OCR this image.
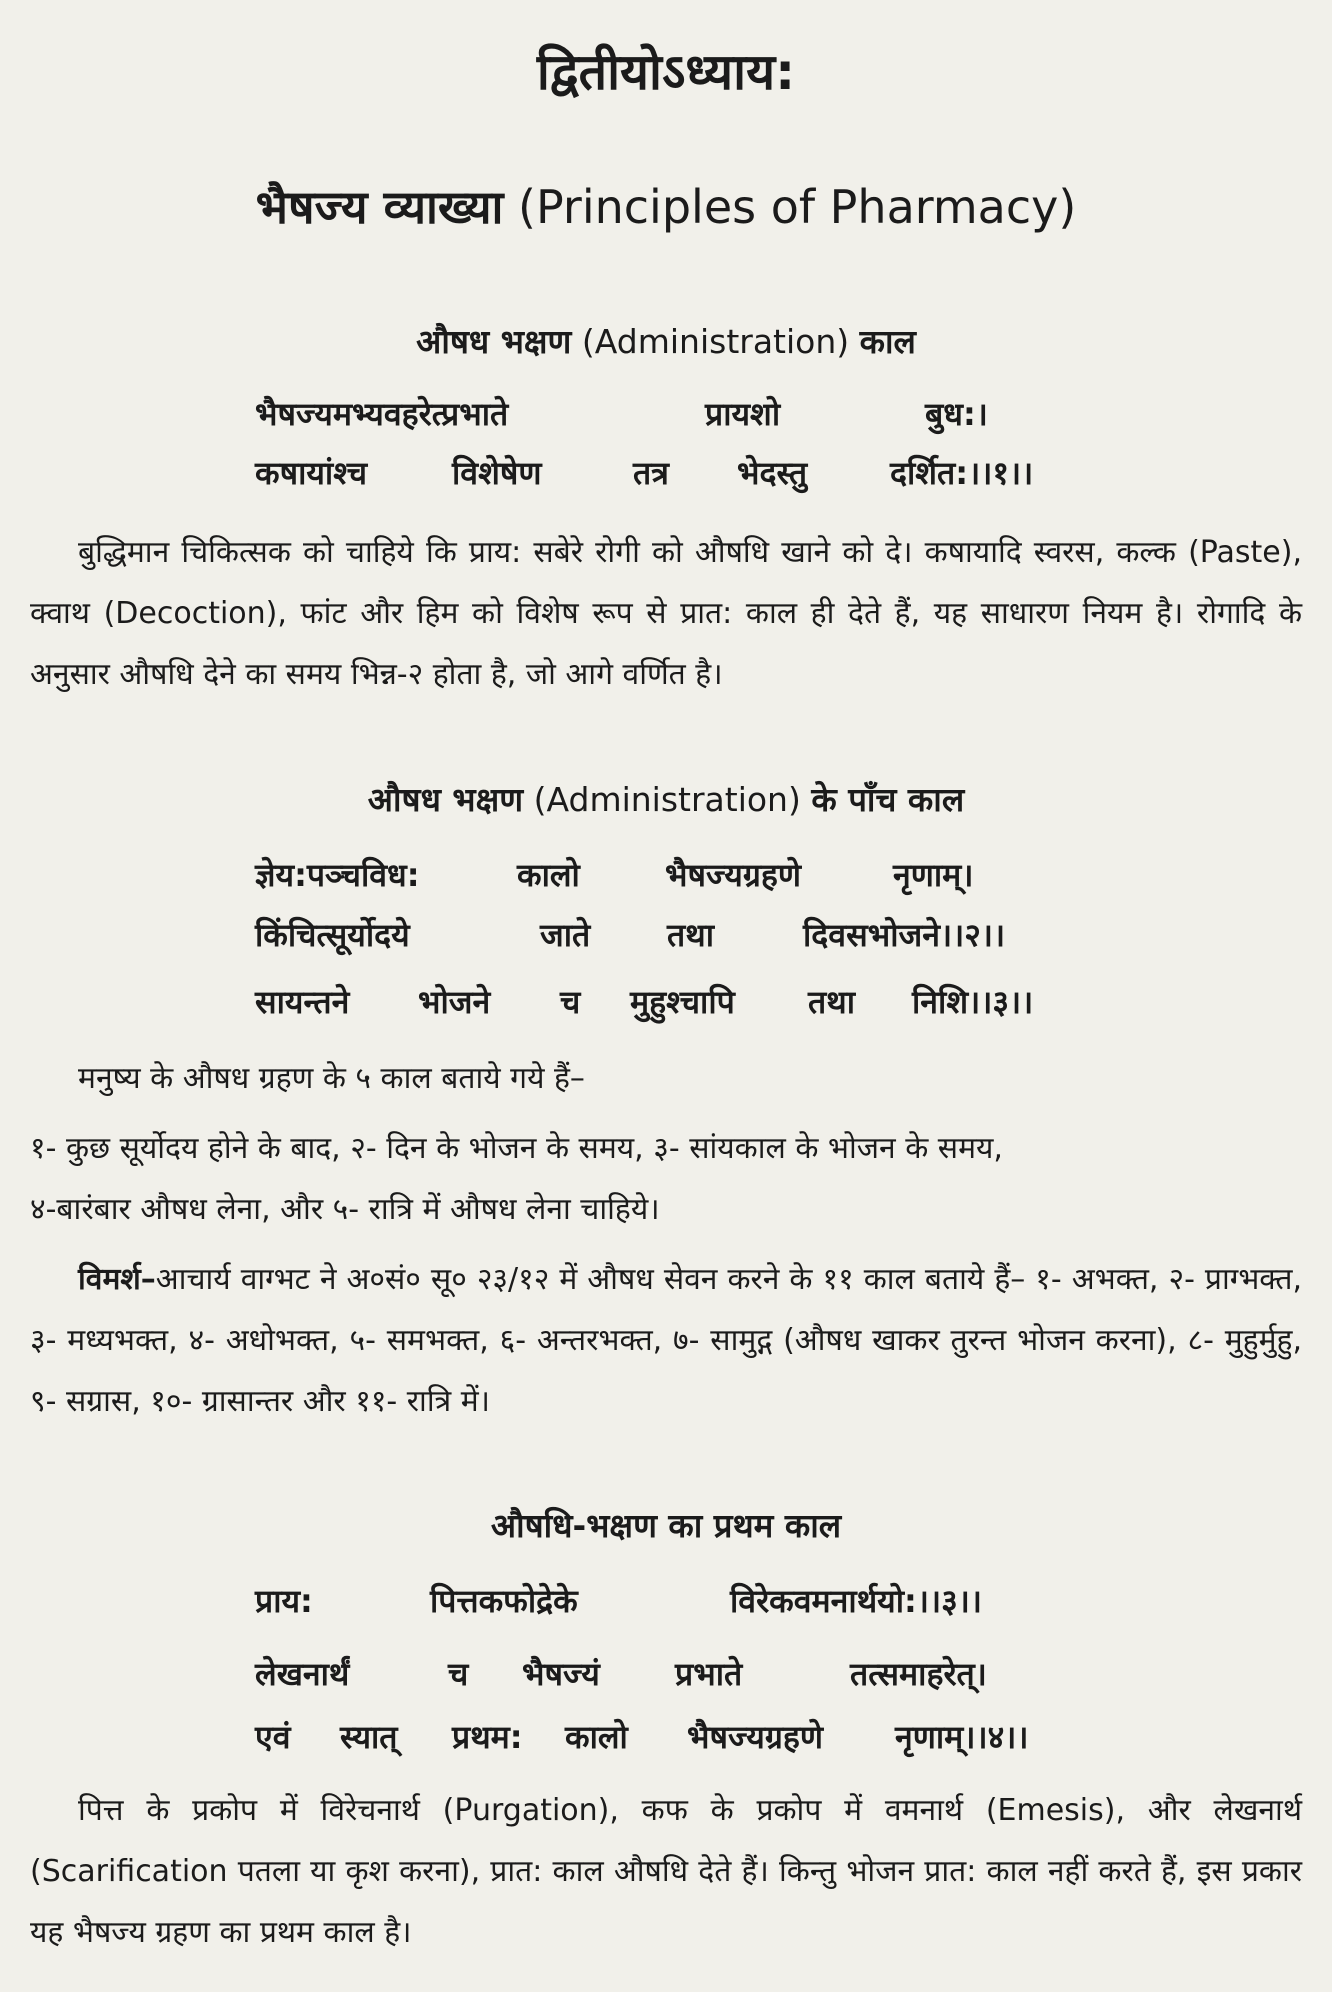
द्वितीयोऽध्याय:
भैषज्य व्याख्या (Principles of Pharmacy)
औषध भक्षण (Administration) काल
भैषज्यमभ्यवहरेत्प्रभाते	प्रायशो	बुध:।
कषायांश्च	विशेषेण	तत्र भेदस्तु	दर्शित:।।१।।
बुद्धिमान चिकित्सक को चाहिये कि प्राय: सबेरे रोगी को औषधि खाने को दे। कषायादि स्वरस, कल्क (Paste), क्वाथ (Decoction), फांट और हिम को विशेष रूप से प्रात: काल ही देते हैं, यह साधारण नियम है। रोगादि के अनुसार औषधि देने का समय भिन्न-२ होता है, जो आगे वर्णित है।
औषध भक्षण (Administration) के पाँच काल
ज्ञेय:पञ्चविध:	कालो	भैषज्यग्रहणे	नृणाम्।
किंचित्सूर्योदये	जाते तथा	दिवसभोजने।।२।।
सायन्तने भोजने च मुहुश्चापि तथा निशि।।३।।
मनुष्य के औषध ग्रहण के ५ काल बताये गये हैं–
१- कुछ सूर्योदय होने के बाद, २- दिन के भोजन के समय, ३- सांयकाल के भोजन के समय,
४-बारंबार औषध लेना, और ५- रात्रि में औषध लेना चाहिये।
विमर्श–आचार्य वाग्भट ने अ०सं० सू० २३/१२ में औषध सेवन करने के ११ काल बताये हैं– १- अभक्त, २- प्राग्भक्त, ३- मध्यभक्त, ४- अधोभक्त, ५- समभक्त, ६- अन्तरभक्त, ७- सामुद्ग (औषध खाकर तुरन्त भोजन करना), ८- मुहुर्मुहु, ९- सग्रास, १०- ग्रासान्तर और ११- रात्रि में।
औषधि-भक्षण का प्रथम काल
प्राय:	पित्तकफोद्रेके	विरेकवमनार्थयो:।।३।।
लेखनार्थं	च भैषज्यं प्रभाते	तत्समाहरेत्।
एवं स्यात् प्रथम: कालो भैषज्यग्रहणे नृणाम्।।४।।
पित्त के प्रकोप में विरेचनार्थ (Purgation), कफ के प्रकोप में वमनार्थ (Emesis), और लेखनार्थ (Scarification पतला या कृश करना), प्रात: काल औषधि देते हैं। किन्तु भोजन प्रात: काल नहीं करते हैं, इस प्रकार यह भैषज्य ग्रहण का प्रथम काल है।
